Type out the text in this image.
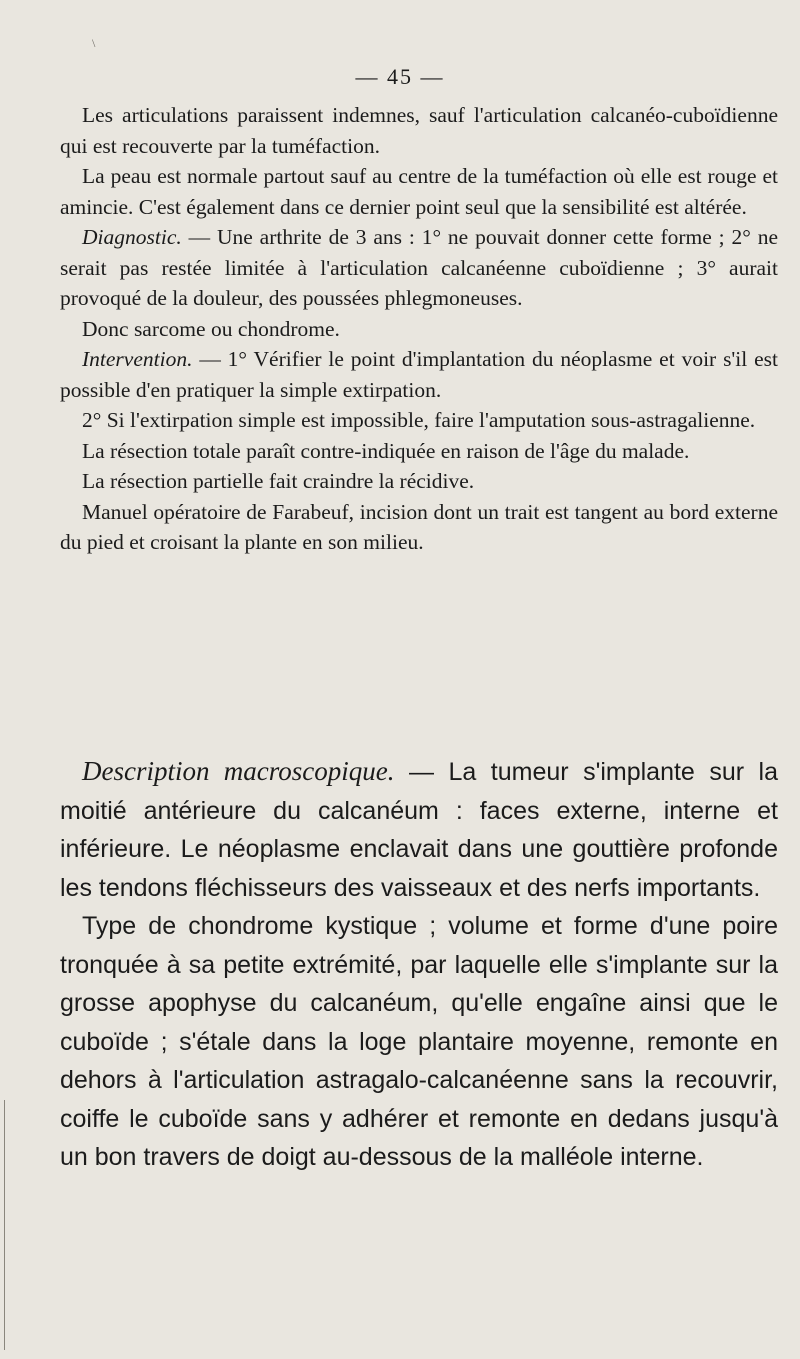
\
— 45 —

Les articulations paraissent indemnes, sauf l'articulation calcanéo-cuboïdienne qui est recouverte par la tuméfaction.

La peau est normale partout sauf au centre de la tuméfaction où elle est rouge et amincie. C'est également dans ce dernier point seul que la sensibilité est altérée.

Diagnostic. — Une arthrite de 3 ans : 1° ne pouvait donner cette forme ; 2° ne serait pas restée limitée à l'articulation calcanéenne cuboïdienne ; 3° aurait provoqué de la douleur, des poussées phlegmoneuses.

Donc sarcome ou chondrome.

Intervention. — 1° Vérifier le point d'implantation du néoplasme et voir s'il est possible d'en pratiquer la simple extirpation.

2° Si l'extirpation simple est impossible, faire l'amputation sous-astragalienne.

La résection totale paraît contre-indiquée en raison de l'âge du malade.

La résection partielle fait craindre la récidive.

Manuel opératoire de Farabeuf, incision dont un trait est tangent au bord externe du pied et croisant la plante en son milieu.

Description macroscopique. — La tumeur s'implante sur la moitié antérieure du calcanéum : faces externe, interne et inférieure. Le néoplasme enclavait dans une gouttière profonde les tendons fléchisseurs des vaisseaux et des nerfs importants.

Type de chondrome kystique ; volume et forme d'une poire tronquée à sa petite extrémité, par laquelle elle s'implante sur la grosse apophyse du calcanéum, qu'elle engaîne ainsi que le cuboïde ; s'étale dans la loge plantaire moyenne, remonte en dehors à l'articulation astragalo-calcanéenne sans la recouvrir, coiffe le cuboïde sans y adhérer et remonte en dedans jusqu'à un bon travers de doigt au-dessous de la malléole interne.
